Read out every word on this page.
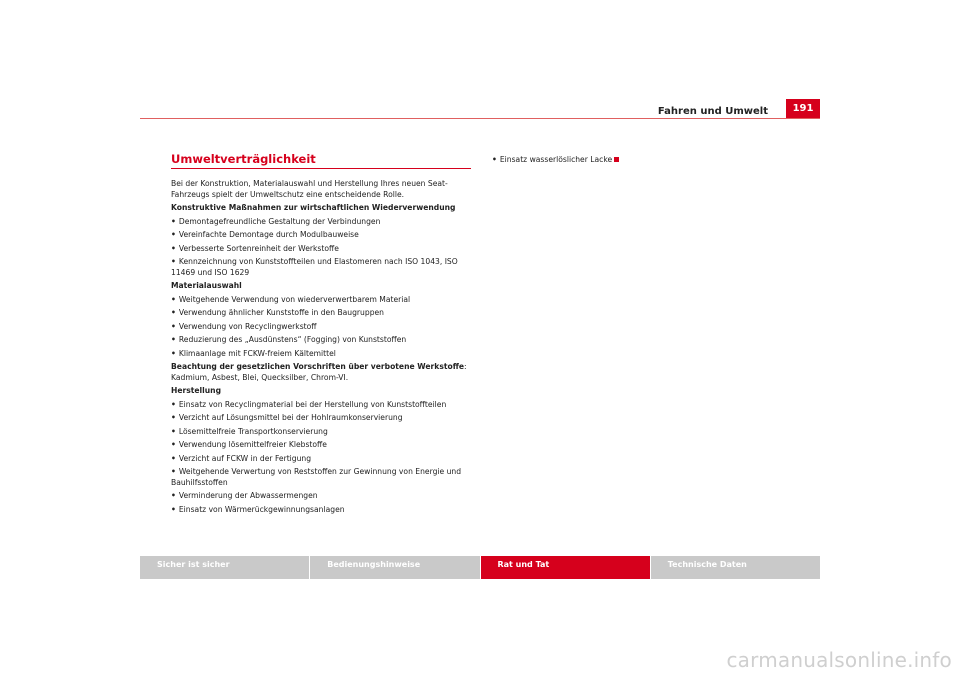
Fahren und Umwelt	191
Umweltverträglichkeit

Bei der Konstruktion, Materialauswahl und Herstellung Ihres neuen Seat-Fahrzeugs spielt der Umweltschutz eine entscheidende Rolle.

Konstruktive Maßnahmen zur wirtschaftlichen Wiederverwendung

• Demontagefreundliche Gestaltung der Verbindungen

• Vereinfachte Demontage durch Modulbauweise

• Verbesserte Sortenreinheit der Werkstoffe

• Kennzeichnung von Kunststoffteilen und Elastomeren nach ISO 1043, ISO 11469 und ISO 1629

Materialauswahl

• Weitgehende Verwendung von wiederverwertbarem Material

• Verwendung ähnlicher Kunststoffe in den Baugruppen

• Verwendung von Recyclingwerkstoff

• Reduzierung des „Ausdünstens“ (Fogging) von Kunststoffen

• Klimaanlage mit FCKW-freiem Kältemittel

Beachtung der gesetzlichen Vorschriften über verbotene Werkstoffe: Kadmium, Asbest, Blei, Quecksilber, Chrom-VI.

Herstellung

• Einsatz von Recyclingmaterial bei der Herstellung von Kunststoffteilen

• Verzicht auf Lösungsmittel bei der Hohlraumkonservierung

• Lösemittelfreie Transportkonservierung

• Verwendung lösemittelfreier Klebstoffe

• Verzicht auf FCKW in der Fertigung

• Weitgehende Verwertung von Reststoffen zur Gewinnung von Energie und Bauhilfsstoffen

• Verminderung der Abwassermengen

• Einsatz von Wärmerückgewinnungsanlagen

• Einsatz wasserlöslicher Lacke

Sicher ist sicher	Bedienungshinweise	Rat und Tat	Technische Daten
carmanualsonline.info
